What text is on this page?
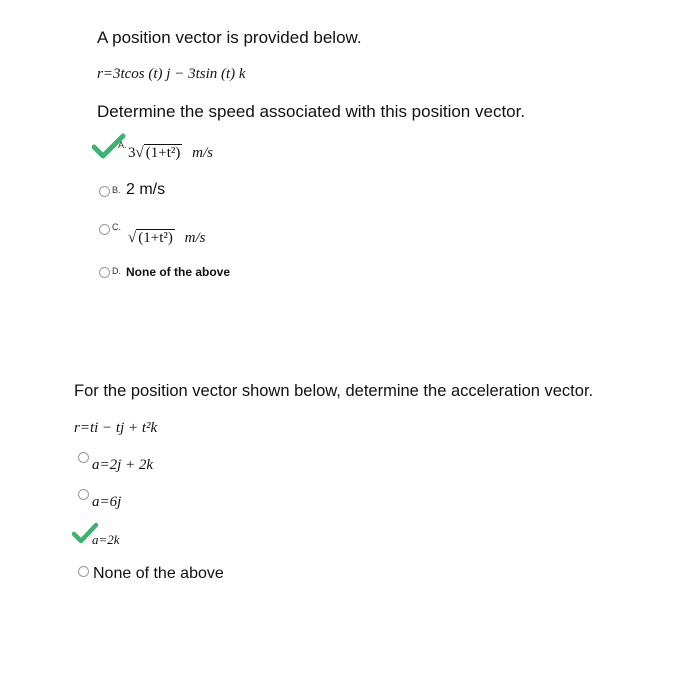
A position vector is provided below.
r=3tcos (t) j − 3tsin (t) k
Determine the speed associated with this position vector.
A. 3√ (1+t²) m/s
B. 2 m/s
C.
√ (1+t²) m/s
D. None of the above
For the position vector shown below, determine the acceleration vector.
r=ti − tj + t²k
a=2j + 2k
a=6j
a=2k
None of the above
